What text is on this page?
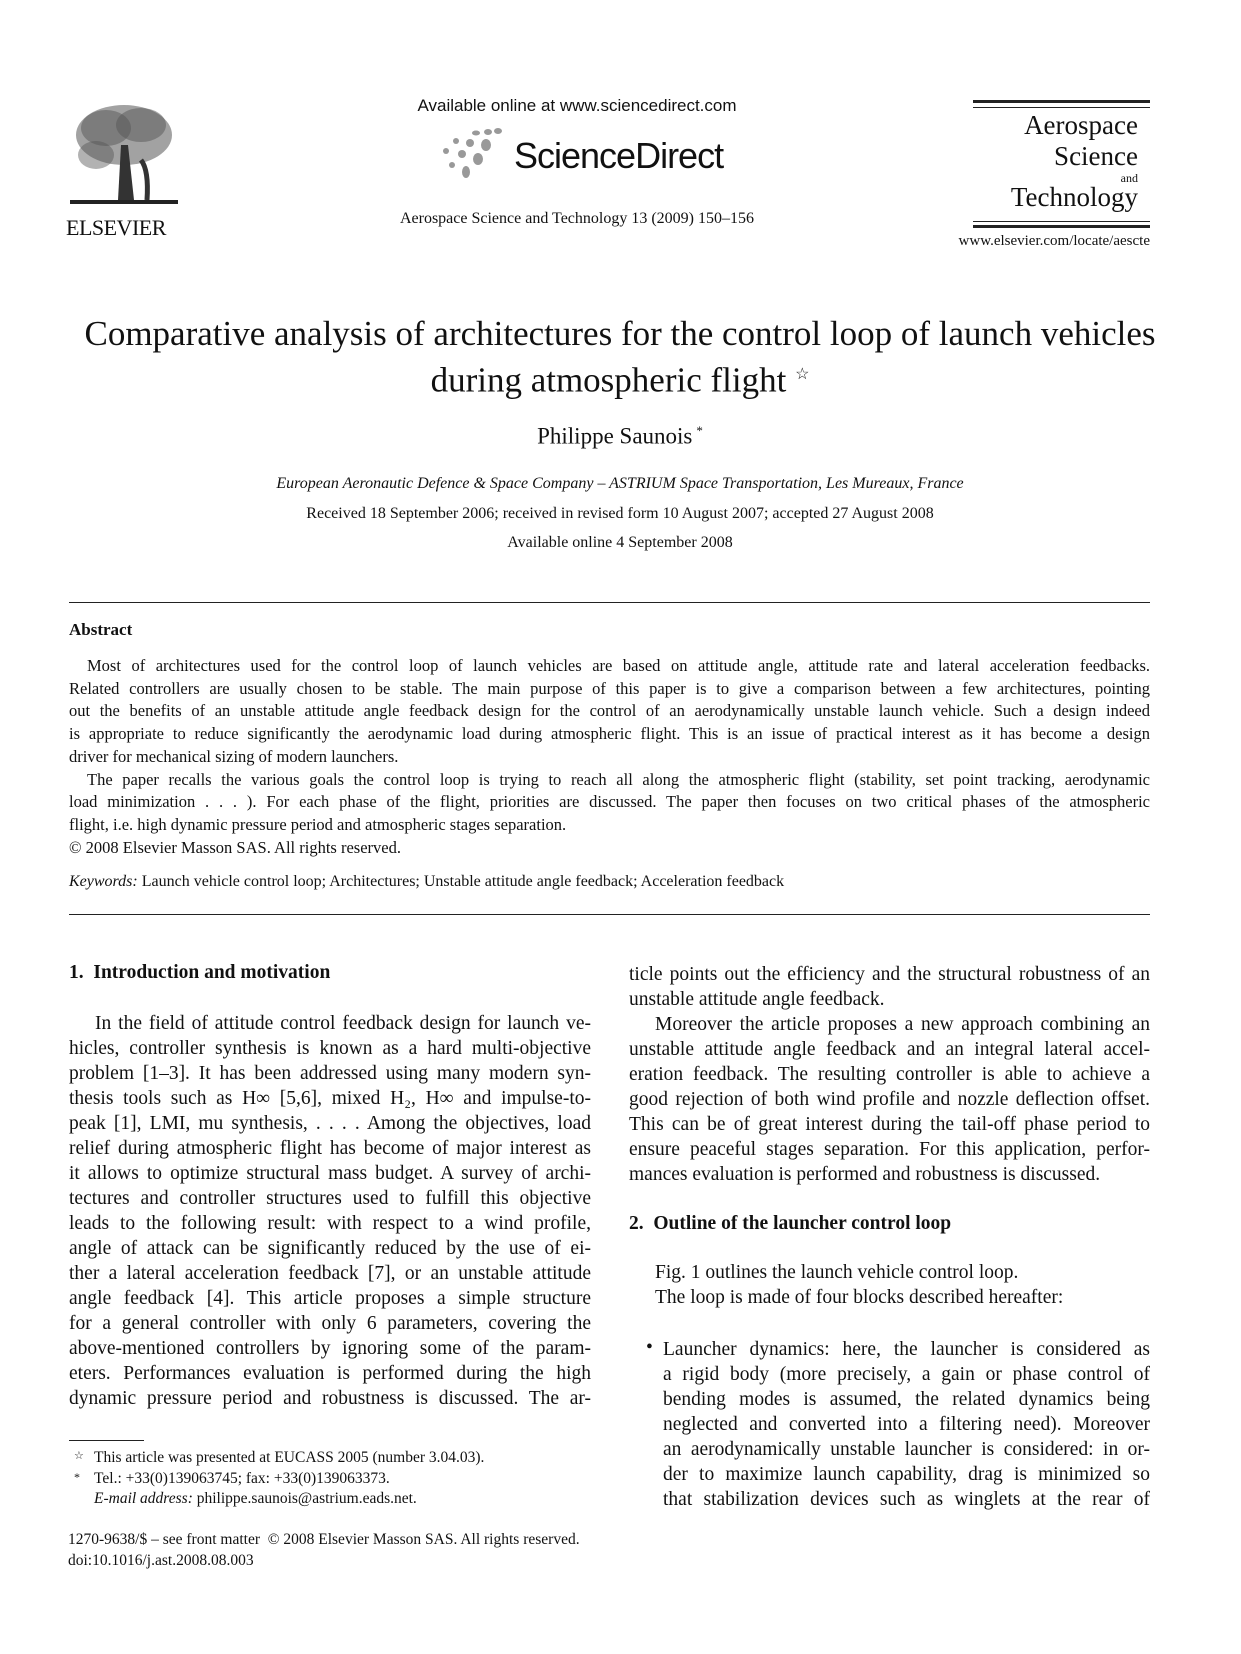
ELSEVIER
Available online at www.sciencedirect.com
ScienceDirect
Aerospace Science and Technology 13 (2009) 150–156
Aerospace
Science
and
Technology
www.elsevier.com/locate/aescte
Comparative analysis of architectures for the control loop of launch vehicles
during atmospheric flight ☆
Philippe Saunois *
European Aeronautic Defence & Space Company – ASTRIUM Space Transportation, Les Mureaux, France
Received 18 September 2006; received in revised form 10 August 2007; accepted 27 August 2008
Available online 4 September 2008
Abstract
Most of architectures used for the control loop of launch vehicles are based on attitude angle, attitude rate and lateral acceleration feedbacks.
Related controllers are usually chosen to be stable. The main purpose of this paper is to give a comparison between a few architectures, pointing
out the benefits of an unstable attitude angle feedback design for the control of an aerodynamically unstable launch vehicle. Such a design indeed
is appropriate to reduce significantly the aerodynamic load during atmospheric flight. This is an issue of practical interest as it has become a design
driver for mechanical sizing of modern launchers.
The paper recalls the various goals the control loop is trying to reach all along the atmospheric flight (stability, set point tracking, aerodynamic
load minimization . . . ). For each phase of the flight, priorities are discussed. The paper then focuses on two critical phases of the atmospheric
flight, i.e. high dynamic pressure period and atmospheric stages separation.
© 2008 Elsevier Masson SAS. All rights reserved.
Keywords: Launch vehicle control loop; Architectures; Unstable attitude angle feedback; Acceleration feedback
1.  Introduction and motivation
In the field of attitude control feedback design for launch ve-
hicles, controller synthesis is known as a hard multi-objective
problem [1–3]. It has been addressed using many modern syn-
thesis tools such as H∞ [5,6], mixed H₂, H∞ and impulse-to-
peak [1], LMI, mu synthesis, . . . . Among the objectives, load
relief during atmospheric flight has become of major interest as
it allows to optimize structural mass budget. A survey of archi-
tectures and controller structures used to fulfill this objective
leads to the following result: with respect to a wind profile,
angle of attack can be significantly reduced by the use of ei-
ther a lateral acceleration feedback [7], or an unstable attitude
angle feedback [4]. This article proposes a simple structure
for a general controller with only 6 parameters, covering the
above-mentioned controllers by ignoring some of the param-
eters. Performances evaluation is performed during the high
dynamic pressure period and robustness is discussed. The ar-
ticle points out the efficiency and the structural robustness of an
unstable attitude angle feedback.
Moreover the article proposes a new approach combining an
unstable attitude angle feedback and an integral lateral accel-
eration feedback. The resulting controller is able to achieve a
good rejection of both wind profile and nozzle deflection offset.
This can be of great interest during the tail-off phase period to
ensure peaceful stages separation. For this application, perfor-
mances evaluation is performed and robustness is discussed.
2.  Outline of the launcher control loop
Fig. 1 outlines the launch vehicle control loop.
The loop is made of four blocks described hereafter:
• Launcher dynamics: here, the launcher is considered as
a rigid body (more precisely, a gain or phase control of
bending modes is assumed, the related dynamics being
neglected and converted into a filtering need). Moreover
an aerodynamically unstable launcher is considered: in or-
der to maximize launch capability, drag is minimized so
that stabilization devices such as winglets at the rear of
☆ This article was presented at EUCASS 2005 (number 3.04.03).
* Tel.: +33(0)139063745; fax: +33(0)139063373.
E-mail address: philippe.saunois@astrium.eads.net.
1270-9638/$ – see front matter  © 2008 Elsevier Masson SAS. All rights reserved.
doi:10.1016/j.ast.2008.08.003
